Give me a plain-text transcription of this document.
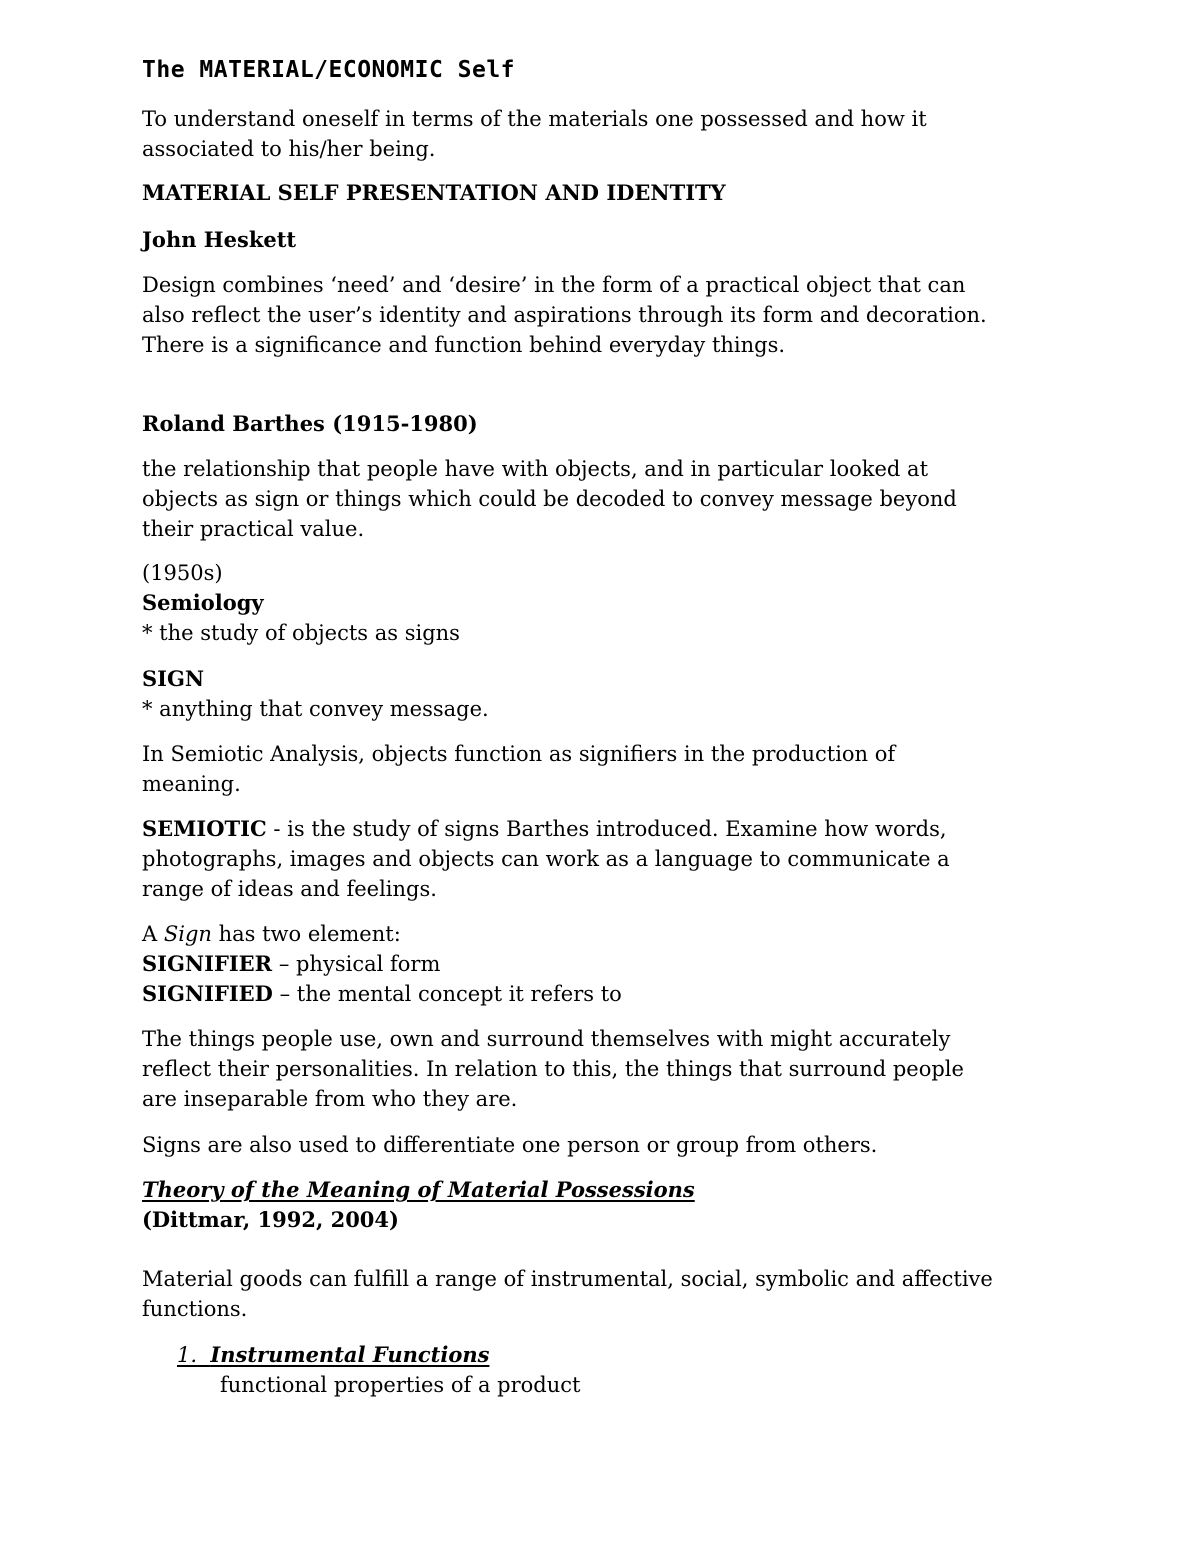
The MATERIAL/ECONOMIC Self
To understand oneself in terms of the materials one possessed and how it
associated to his/her being.
MATERIAL SELF PRESENTATION AND IDENTITY
John Heskett
Design combines ‘need’ and ‘desire’ in the form of a practical object that can
also reflect the user’s identity and aspirations through its form and decoration.
There is a significance and function behind everyday things.
Roland Barthes (1915-1980)
the relationship that people have with objects, and in particular looked at
objects as sign or things which could be decoded to convey message beyond
their practical value.
(1950s)
Semiology
* the study of objects as signs
SIGN
* anything that convey message.
In Semiotic Analysis, objects function as signifiers in the production of
meaning.
SEMIOTIC - is the study of signs Barthes introduced. Examine how words,
photographs, images and objects can work as a language to communicate a
range of ideas and feelings.
A Sign has two element:
SIGNIFIER – physical form
SIGNIFIED – the mental concept it refers to
The things people use, own and surround themselves with might accurately
reflect their personalities. In relation to this, the things that surround people
are inseparable from who they are.
Signs are also used to differentiate one person or group from others.
Theory of the Meaning of Material Possessions
(Dittmar, 1992, 2004)
Material goods can fulfill a range of instrumental, social, symbolic and affective
functions.
1. Instrumental Functions
functional properties of a product
